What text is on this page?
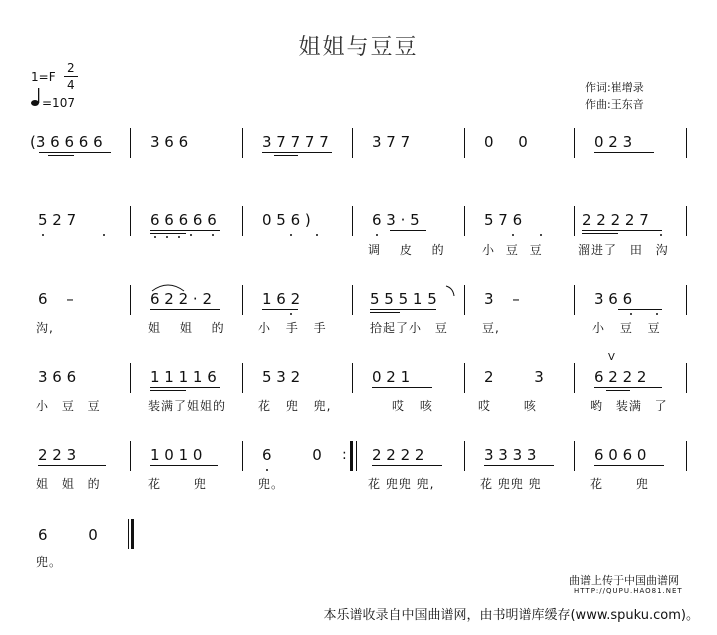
姐姐与豆豆
1=F
2
4
=107
作词:崔增录
作曲:王东音
(3 6 6 6 6	3 6 6	3 7 7 7 7	3 7 7	0 0	0 2 3
5 2 7	6 6 6 6 6	0 5 6 )	6 3 · 5	5 7 6	2 2 2 2 7
调 皮 的	小 豆 豆	溜进了 田 沟
6 –	6 2 2 · 2	1 6 2	5 5 5 1 5	3 –	3 6 6
沟,	姐 姐 的	小 手 手	拾起了小 豆	豆,	小 豆 豆
3 6 6	1 1 1 1 6	5 3 2	0 2 1	2 3	6 2 2 2
V
小 豆 豆	装满了姐姐的	花 兜 兜,	哎 咳	哎 咳	哟 装满 了
2 2 3	1 0 1 0	6 0	2 2 2 2	3 3 3 3	6 0 6 0
:
姐 姐 的	花 兜	兜。	花 兜兜 兜,	花 兜兜 兜	花 兜
6 0
兜。
曲谱上传于中国曲谱网
HTTP://QUPU.HAO81.NET
本乐谱收录自中国曲谱网，由书明谱库缓存(www.spuku.com)。
